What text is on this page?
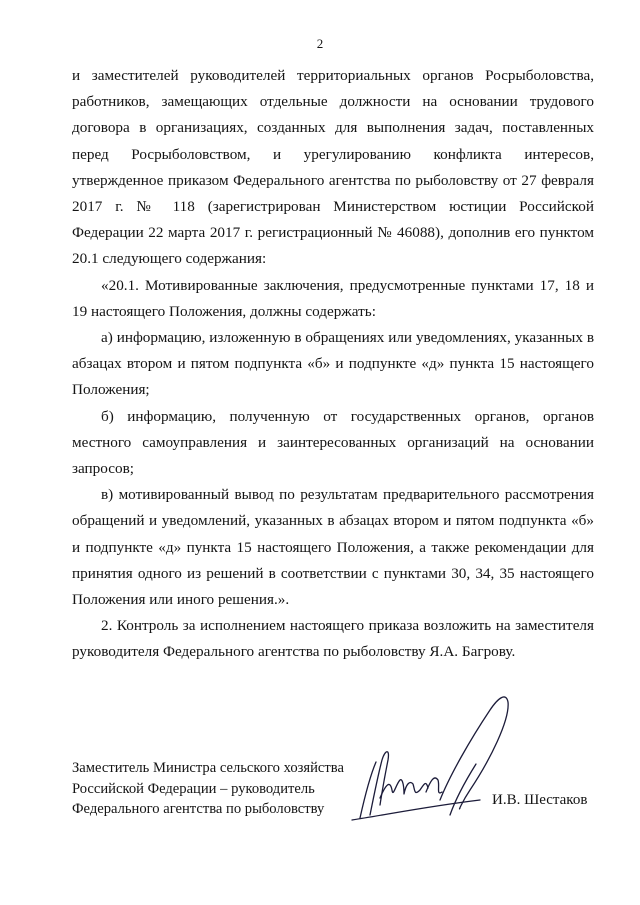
2

и заместителей руководителей территориальных органов Росрыболовства, работников, замещающих отдельные должности на основании трудового договора в организациях, созданных для выполнения задач, поставленных перед Росрыболовством, и урегулированию конфликта интересов, утвержденное приказом Федерального агентства по рыболовству от 27 февраля 2017 г. № 118 (зарегистрирован Министерством юстиции Российской Федерации 22 марта 2017 г. регистрационный № 46088), дополнив его пунктом 20.1 следующего содержания:

«20.1. Мотивированные заключения, предусмотренные пунктами 17, 18 и 19 настоящего Положения, должны содержать:

а) информацию, изложенную в обращениях или уведомлениях, указанных в абзацах втором и пятом подпункта «б» и подпункте «д» пункта 15 настоящего Положения;

б) информацию, полученную от государственных органов, органов местного самоуправления и заинтересованных организаций на основании запросов;

в) мотивированный вывод по результатам предварительного рассмотрения обращений и уведомлений, указанных в абзацах втором и пятом подпункта «б» и подпункте «д» пункта 15 настоящего Положения, а также рекомендации для принятия одного из решений в соответствии с пунктами 30, 34, 35 настоящего Положения или иного решения.».

2. Контроль за исполнением настоящего приказа возложить на заместителя руководителя Федерального агентства по рыболовству Я.А. Багрову.

Заместитель Министра сельского хозяйства
Российской Федерации – руководитель
Федерального агентства по рыболовству
И.В. Шестаков
